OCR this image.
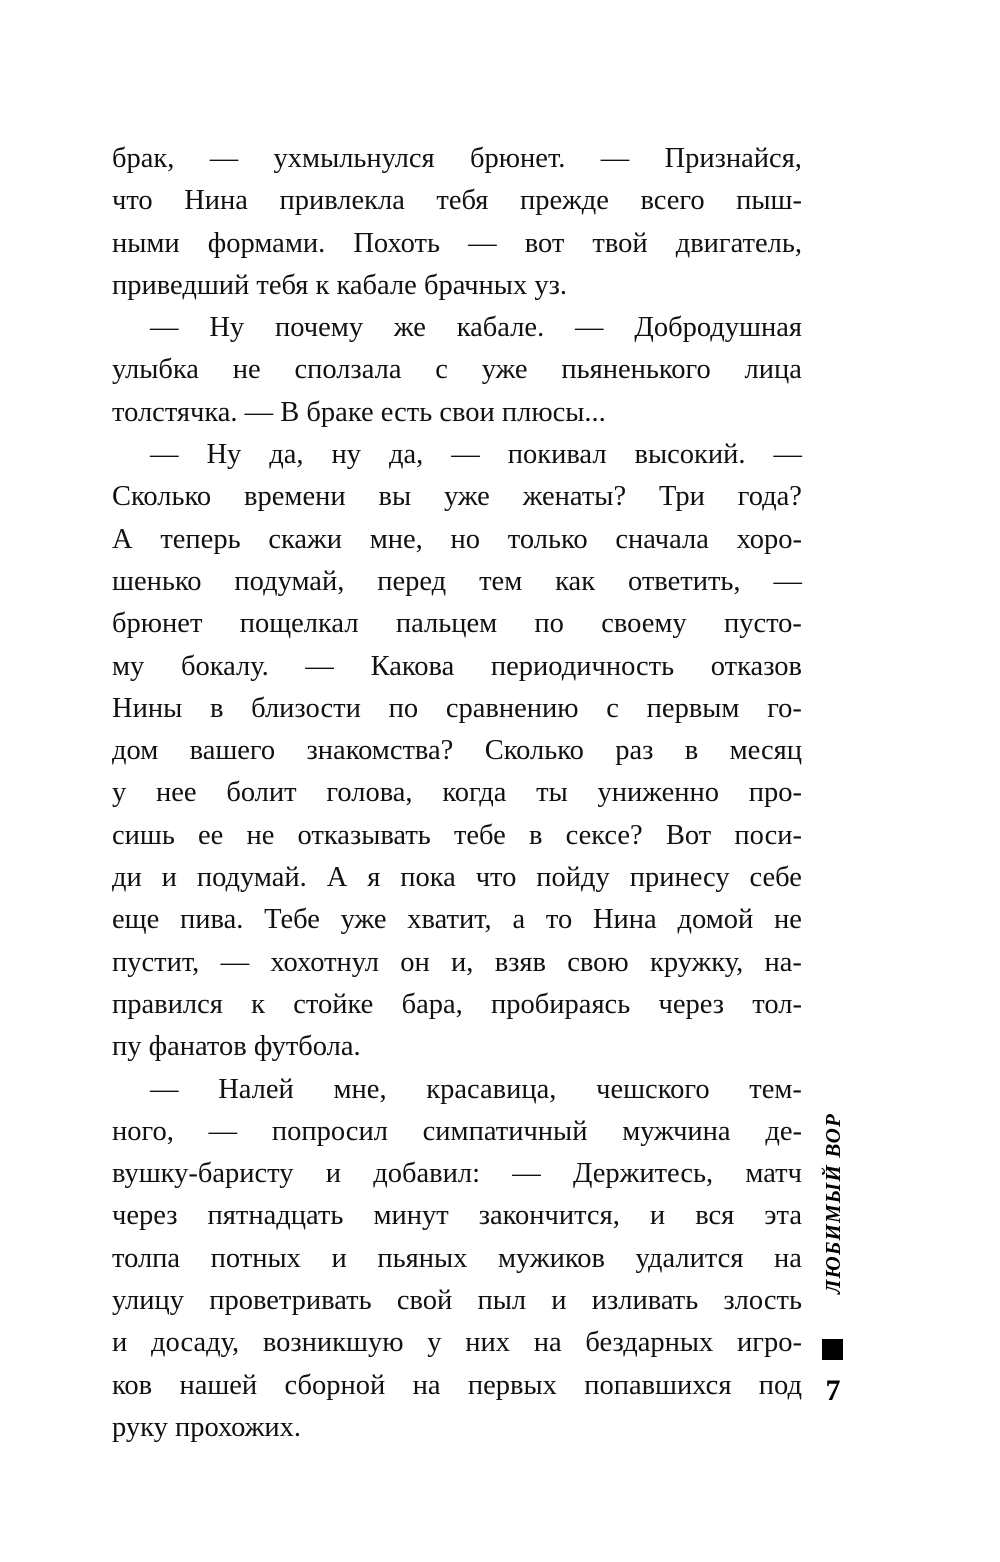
брак, — ухмыльнулся брюнет. — Признайся,
что Нина привлекла тебя прежде всего пыш-
ными формами. Похоть — вот твой двигатель,
приведший тебя к кабале брачных уз.

— Ну почему же кабале. — Добродушная
улыбка не сползала с уже пьяненького лица
толстячка. — В браке есть свои плюсы...

— Ну да, ну да, — покивал высокий. —
Сколько времени вы уже женаты? Три года?
А теперь скажи мне, но только сначала хоро-
шенько подумай, перед тем как ответить, —
брюнет пощелкал пальцем по своему пусто-
му бокалу. — Какова периодичность отказов
Нины в близости по сравнению с первым го-
дом вашего знакомства? Сколько раз в месяц
у нее болит голова, когда ты униженно про-
сишь ее не отказывать тебе в сексе? Вот поси-
ди и подумай. А я пока что пойду принесу себе
еще пива. Тебе уже хватит, а то Нина домой не
пустит, — хохотнул он и, взяв свою кружку, на-
правился к стойке бара, пробираясь через тол-
пу фанатов футбола.

— Налей мне, красавица, чешского тем-
ного, — попросил симпатичный мужчина де-
вушку-баристу и добавил: — Держитесь, матч
через пятнадцать минут закончится, и вся эта
толпа потных и пьяных мужиков удалится на
улицу проветривать свой пыл и изливать злость
и досаду, возникшую у них на бездарных игро-
ков нашей сборной на первых попавшихся под
руку прохожих.

ЛЮБИМЫЙ ВОР
7
